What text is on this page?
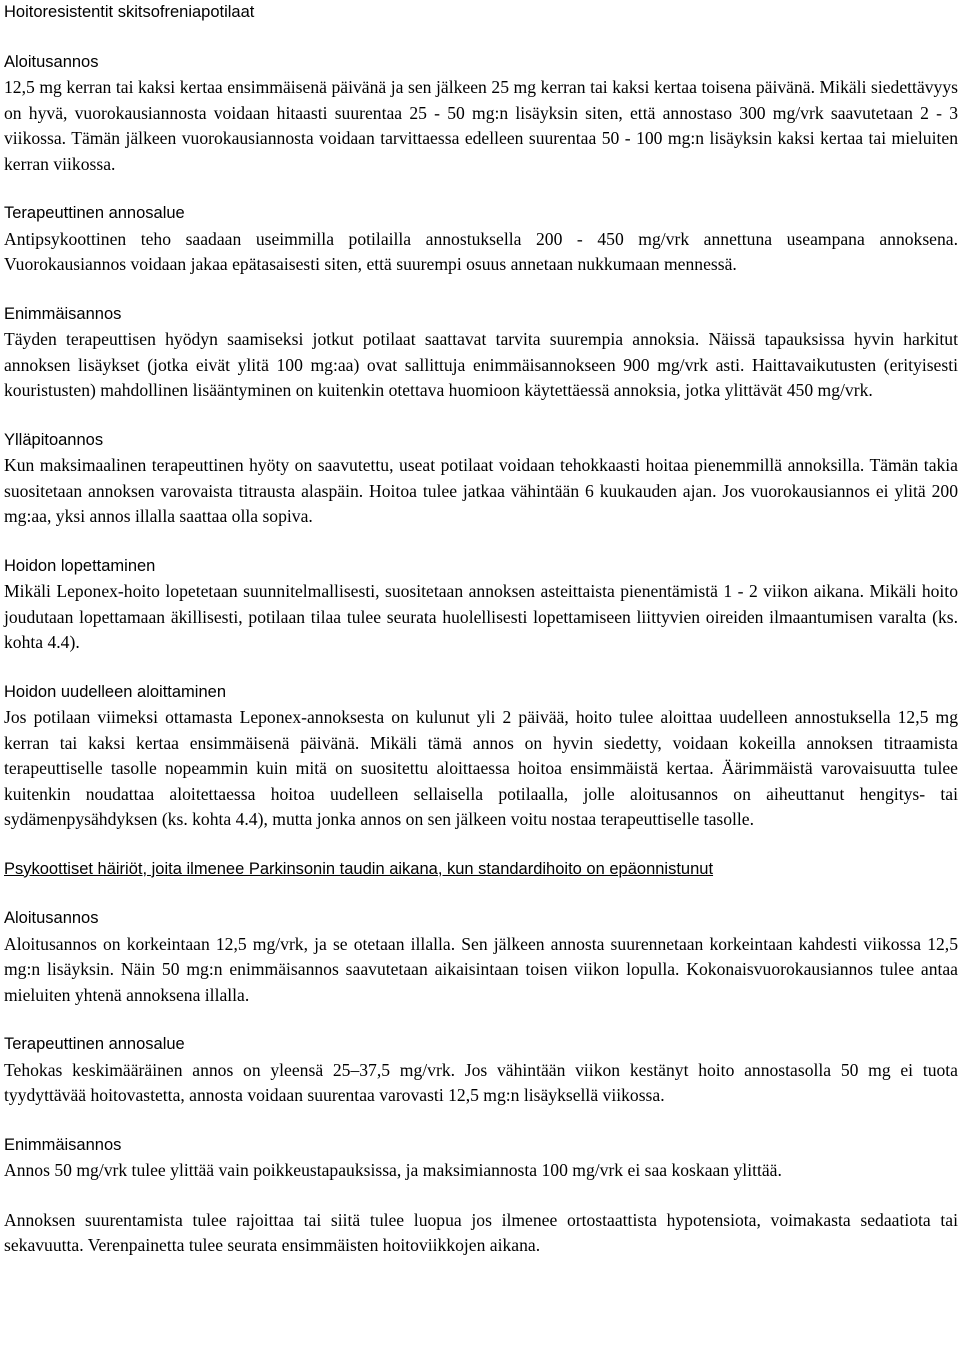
Hoitoresistentit skitsofreniapotilaat

Aloitusannos

12,5 mg kerran tai kaksi kertaa ensimmäisenä päivänä ja sen jälkeen 25 mg kerran tai kaksi kertaa toisena päivänä. Mikäli siedettävyys on hyvä, vuorokausiannosta voidaan hitaasti suurentaa 25 - 50 mg:n lisäyksin siten, että annostaso 300 mg/vrk saavutetaan 2 - 3 viikossa. Tämän jälkeen vuorokausiannosta voidaan tarvittaessa edelleen suurentaa 50 - 100 mg:n lisäyksin kaksi kertaa tai mieluiten kerran viikossa.

Terapeuttinen annosalue

Antipsykoottinen teho saadaan useimmilla potilailla annostuksella 200 - 450 mg/vrk annettuna useampana annoksena. Vuorokausiannos voidaan jakaa epätasaisesti siten, että suurempi osuus annetaan nukkumaan mennessä.

Enimmäisannos

Täyden terapeuttisen hyödyn saamiseksi jotkut potilaat saattavat tarvita suurempia annoksia. Näissä tapauksissa hyvin harkitut annoksen lisäykset (jotka eivät ylitä 100 mg:aa) ovat sallittuja enimmäisannokseen 900 mg/vrk asti. Haittavaikutusten (erityisesti kouristusten) mahdollinen lisääntyminen on kuitenkin otettava huomioon käytettäessä annoksia, jotka ylittävät 450 mg/vrk.

Ylläpitoannos

Kun maksimaalinen terapeuttinen hyöty on saavutettu, useat potilaat voidaan tehokkaasti hoitaa pienemmillä annoksilla. Tämän takia suositetaan annoksen varovaista titrausta alaspäin. Hoitoa tulee jatkaa vähintään 6 kuukauden ajan. Jos vuorokausiannos ei ylitä 200 mg:aa, yksi annos illalla saattaa olla sopiva.

Hoidon lopettaminen

Mikäli Leponex-hoito lopetetaan suunnitelmallisesti, suositetaan annoksen asteittaista pienentämistä 1 - 2 viikon aikana. Mikäli hoito joudutaan lopettamaan äkillisesti, potilaan tilaa tulee seurata huolellisesti lopettamiseen liittyvien oireiden ilmaantumisen varalta (ks. kohta 4.4).

Hoidon uudelleen aloittaminen

Jos potilaan viimeksi ottamasta Leponex-annoksesta on kulunut yli 2 päivää, hoito tulee aloittaa uudelleen annostuksella 12,5 mg kerran tai kaksi kertaa ensimmäisenä päivänä. Mikäli tämä annos on hyvin siedetty, voidaan kokeilla annoksen titraamista terapeuttiselle tasolle nopeammin kuin mitä on suositettu aloittaessa hoitoa ensimmäistä kertaa. Äärimmäistä varovaisuutta tulee kuitenkin noudattaa aloitettaessa hoitoa uudelleen sellaisella potilaalla, jolle aloitusannos on aiheuttanut hengitys- tai sydämenpysähdyksen (ks. kohta 4.4), mutta jonka annos on sen jälkeen voitu nostaa terapeuttiselle tasolle.

Psykoottiset häiriöt, joita ilmenee Parkinsonin taudin aikana, kun standardihoito on epäonnistunut

Aloitusannos

Aloitusannos on korkeintaan 12,5 mg/vrk, ja se otetaan illalla. Sen jälkeen annosta suurennetaan korkeintaan kahdesti viikossa 12,5 mg:n lisäyksin. Näin 50 mg:n enimmäisannos saavutetaan aikaisintaan toisen viikon lopulla. Kokonaisvuorokausiannos tulee antaa mieluiten yhtenä annoksena illalla.

Terapeuttinen annosalue

Tehokas keskimääräinen annos on yleensä 25–37,5 mg/vrk. Jos vähintään viikon kestänyt hoito annostasolla 50 mg ei tuota tyydyttävää hoitovastetta, annosta voidaan suurentaa varovasti 12,5 mg:n lisäyksellä viikossa.

Enimmäisannos

Annos 50 mg/vrk tulee ylittää vain poikkeustapauksissa, ja maksimiannosta 100 mg/vrk ei saa koskaan ylittää.

Annoksen suurentamista tulee rajoittaa tai siitä tulee luopua jos ilmenee ortostaattista hypotensiota, voimakasta sedaatiota tai sekavuutta. Verenpainetta tulee seurata ensimmäisten hoitoviikkojen aikana.
